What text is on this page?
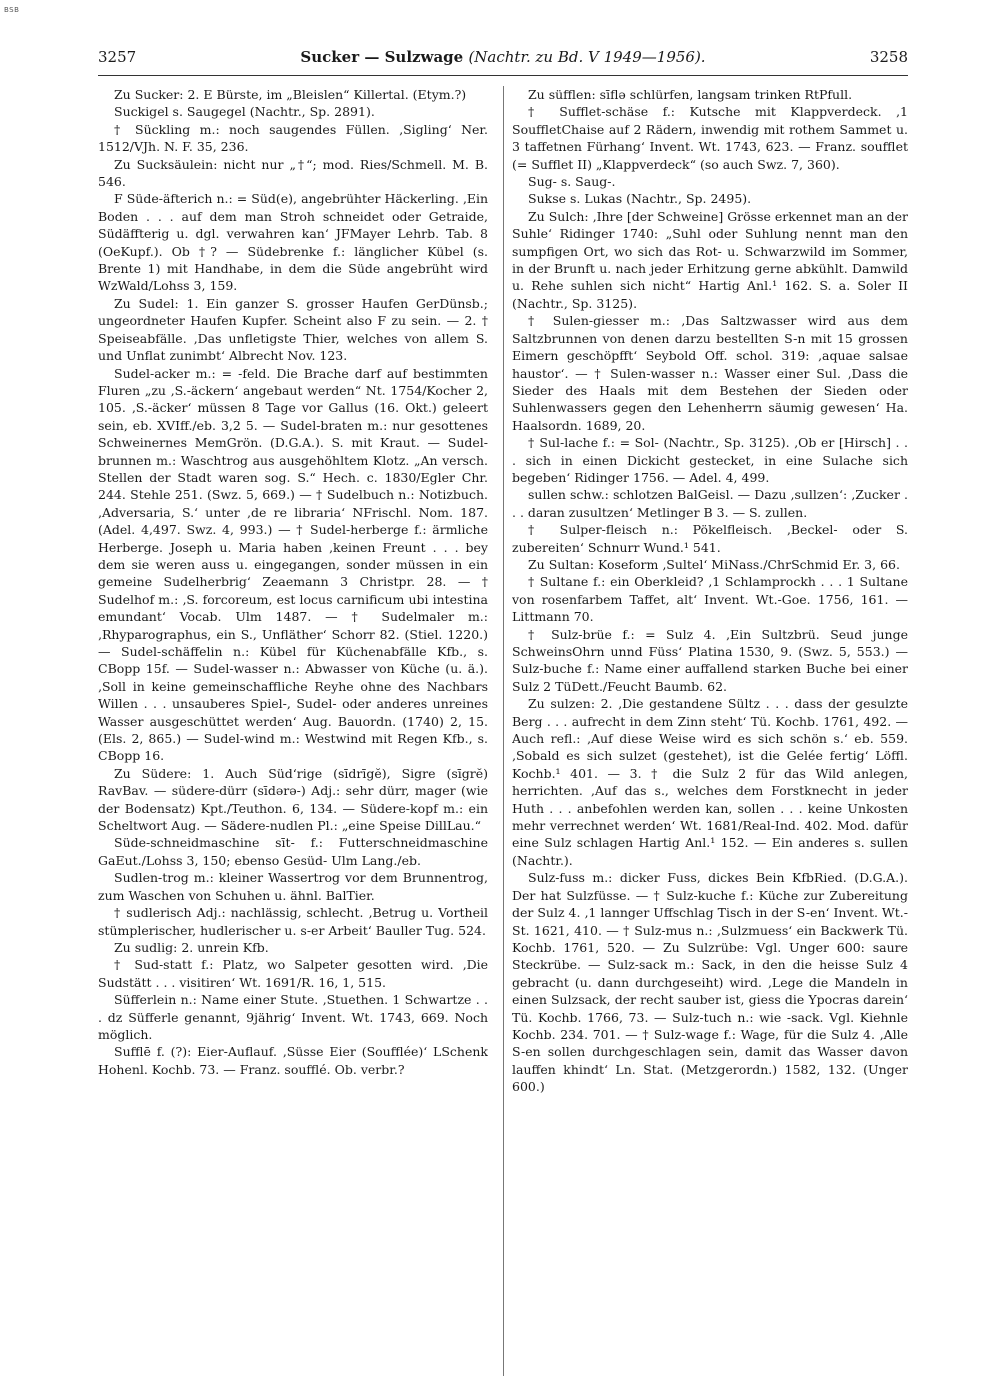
BSB
3257	Sucker — Sulzwage (Nachtr. zu Bd. V 1949—1956).	3258

Zu Sucker: 2. E Bürste, im „Bleislen“ Killertal. (Etym.?)

Suckigel s. Saugegel (Nachtr., Sp. 2891).

† Sückling m.: noch saugendes Füllen. ‚Sigling‘ Ner. 1512/VJh. N. F. 35, 236.

Zu Sucksäulein: nicht nur „†“; mod. Ries/Schmell. M. B. 546.

F Süde-äfterich n.: = Süd(e), angebrühter Häckerling. ‚Ein Boden . . . auf dem man Stroh schneidet oder Getraide, Südäffterig u. dgl. verwahren kan‘ JFMayer Lehrb. Tab. 8 (OeKupf.). Ob †? — Südebrenke f.: länglicher Kübel (s. Brente 1) mit Handhabe, in dem die Süde angebrüht wird WzWald/Lohss 3, 159.

Zu Sudel: 1. Ein ganzer S. grosser Haufen GerDünsb.; ungeordneter Haufen Kupfer. Scheint also F zu sein. — 2. † Speiseabfälle. ‚Das unfletigste Thier, welches von allem S. und Unflat zunimbt‘ Albrecht Nov. 123.

Sudel-acker m.: = -feld. Die Brache darf auf bestimmten Fluren „zu ‚S.-äckern‘ angebaut werden“ Nt. 1754/Kocher 2, 105. ‚S.-äcker‘ müssen 8 Tage vor Gallus (16. Okt.) geleert sein, eb. XVIff./eb. 3,2 5. — Sudel-braten m.: nur gesottenes Schweinernes MemGrön. (D.G.A.). S. mit Kraut. — Sudel-brunnen m.: Waschtrog aus ausgehöhltem Klotz. „An versch. Stellen der Stadt waren sog. S.“ Hech. c. 1830/Egler Chr. 244. Stehle 251. (Swz. 5, 669.) — † Sudelbuch n.: Notizbuch. ‚Adversaria, S.‘ unter ‚de re libraria‘ NFrischl. Nom. 187. (Adel. 4,497. Swz. 4, 993.) — † Sudel-herberge f.: ärmliche Herberge. Joseph u. Maria haben ‚keinen Freunt . . . bey dem sie weren auss u. eingegangen, sonder müssen in ein gemeine Sudelherbrig‘ Zeaemann 3 Christpr. 28. — † Sudelhof m.: ‚S. forcoreum, est locus carnificum ubi intestina emundant‘ Vocab. Ulm 1487. — † Sudelmaler m.: ‚Rhyparographus, ein S., Unfläther‘ Schorr 82. (Stiel. 1220.) — Sudel-schäffelin n.: Kübel für Küchenabfälle Kfb., s. CBopp 15f. — Sudel-wasser n.: Abwasser von Küche (u. ä.). ‚Soll in keine gemeinschaffliche Reyhe ohne des Nachbars Willen . . . unsauberes Spiel-, Sudel- oder anderes unreines Wasser ausgeschüttet werden‘ Aug. Bauordn. (1740) 2, 15. (Els. 2, 865.) — Sudel-wind m.: Westwind mit Regen Kfb., s. CBopp 16.

Zu Südere: 1. Auch Süd‘rige (sīdrīgĕ), Sigre (sīgrĕ) RavBav. — südere-dürr (sīdərə-) Adj.: sehr dürr, mager (wie der Bodensatz) Kpt./Teuthon. 6, 134. — Südere-kopf m.: ein Scheltwort Aug. — Sädere-nudlen Pl.: „eine Speise DillLau.“

Süde-schneidmaschine sīt- f.: Futterschneidmaschine GaEut./Lohss 3, 150; ebenso Gesüd- Ulm Lang./eb.

Sudlen-trog m.: kleiner Wassertrog vor dem Brunnentrog, zum Waschen von Schuhen u. ähnl. BalTier.

† sudlerisch Adj.: nachlässig, schlecht. ‚Betrug u. Vortheil stümplerischer, hudlerischer u. s-er Arbeit‘ Bauller Tug. 524.

Zu sudlig: 2. unrein Kfb.

† Sud-statt f.: Platz, wo Salpeter gesotten wird. ‚Die Sudstätt . . . visitiren‘ Wt. 1691/R. 16, 1, 515.

Süfferlein n.: Name einer Stute. ‚Stuethen. 1 Schwartze . . . dz Süfferle genannt, 9jährig‘ Invent. Wt. 1743, 669. Noch möglich.

Sufflē f. (?): Eier-Auflauf. ‚Süsse Eier (Soufflée)‘ LSchenk Hohenl. Kochb. 73. — Franz. soufflé. Ob. verbr.?

Zu süfflen: sīflə schlürfen, langsam trinken RtPfull.

† Sufflet-schäse f.: Kutsche mit Klappverdeck. ‚1 SouffletChaise auf 2 Rädern, inwendig mit rothem Sammet u. 3 taffetnen Fürhang‘ Invent. Wt. 1743, 623. — Franz. soufflet (= Sufflet II) „Klappverdeck“ (so auch Swz. 7, 360).

Sug- s. Saug-.

Sukse s. Lukas (Nachtr., Sp. 2495).

Zu Sulch: ‚Ihre [der Schweine] Grösse erkennet man an der Suhle‘ Ridinger 1740: „Suhl oder Suhlung nennt man den sumpfigen Ort, wo sich das Rot- u. Schwarzwild im Sommer, in der Brunft u. nach jeder Erhitzung gerne abkühlt. Damwild u. Rehe suhlen sich nicht“ Hartig Anl.¹ 162. S. a. Soler II (Nachtr., Sp. 3125).

† Sulen-giesser m.: ‚Das Saltzwasser wird aus dem Saltzbrunnen von denen darzu bestellten S-n mit 15 grossen Eimern geschöpfft‘ Seybold Off. schol. 319: ‚aquae salsae haustor‘. — † Sulen-wasser n.: Wasser einer Sul. ‚Dass die Sieder des Haals mit dem Bestehen der Sieden oder Suhlenwassers gegen den Lehenherrn säumig gewesen‘ Ha. Haalsordn. 1689, 20.

† Sul-lache f.: = Sol- (Nachtr., Sp. 3125). ‚Ob er [Hirsch] . . . sich in einen Dickicht gestecket, in eine Sulache sich begeben‘ Ridinger 1756. — Adel. 4, 499.

sullen schw.: schlotzen BalGeisl. — Dazu ‚sullzen‘: ‚Zucker . . . daran zusultzen‘ Metlinger B 3. — S. zullen.

† Sulper-fleisch n.: Pökelfleisch. ‚Beckel- oder S. zubereiten‘ Schnurr Wund.¹ 541.

Zu Sultan: Koseform ‚Sultel‘ MiNass./ChrSchmid Er. 3, 66.

† Sultane f.: ein Oberkleid? ‚1 Schlamprockh . . . 1 Sultane von rosenfarbem Taffet, alt‘ Invent. Wt.-Goe. 1756, 161. — Littmann 70.

† Sulz-brüe f.: = Sulz 4. ‚Ein Sultzbrü. Seud junge SchweinsOhrn unnd Füss‘ Platina 1530, 9. (Swz. 5, 553.) — Sulz-buche f.: Name einer auffallend starken Buche bei einer Sulz 2 TüDett./Feucht Baumb. 62.

Zu sulzen: 2. ‚Die gestandene Sültz . . . dass der gesulzte Berg . . . aufrecht in dem Zinn steht‘ Tü. Kochb. 1761, 492. — Auch refl.: ‚Auf diese Weise wird es sich schön s.‘ eb. 559. ‚Sobald es sich sulzet (gestehet), ist die Gelée fertig‘ Löffl. Kochb.¹ 401. — 3. † die Sulz 2 für das Wild anlegen, herrichten. ‚Auf das s., welches dem Forstknecht in jeder Huth . . . anbefohlen werden kan, sollen . . . keine Unkosten mehr verrechnet werden‘ Wt. 1681/Real-Ind. 402. Mod. dafür eine Sulz schlagen Hartig Anl.¹ 152. — Ein anderes s. sullen (Nachtr.).

Sulz-fuss m.: dicker Fuss, dickes Bein KfbRied. (D.G.A.). Der hat Sulzfüsse. — † Sulz-kuche f.: Küche zur Zubereitung der Sulz 4. ‚1 lannger Uffschlag Tisch in der S-en‘ Invent. Wt.-St. 1621, 410. — † Sulz-mus n.: ‚Sulzmuess‘ ein Backwerk Tü. Kochb. 1761, 520. — Zu Sulzrübe: Vgl. Unger 600: saure Steckrübe. — Sulz-sack m.: Sack, in den die heisse Sulz 4 gebracht (u. dann durchgeseiht) wird. ‚Lege die Mandeln in einen Sulzsack, der recht sauber ist, giess die Ypocras darein‘ Tü. Kochb. 1766, 73. — Sulz-tuch n.: wie -sack. Vgl. Kiehnle Kochb. 234. 701. — † Sulz-wage f.: Wage, für die Sulz 4. ‚Alle S-en sollen durchgeschlagen sein, damit das Wasser davon lauffen khindt‘ Ln. Stat. (Metzgerordn.) 1582, 132. (Unger 600.)
